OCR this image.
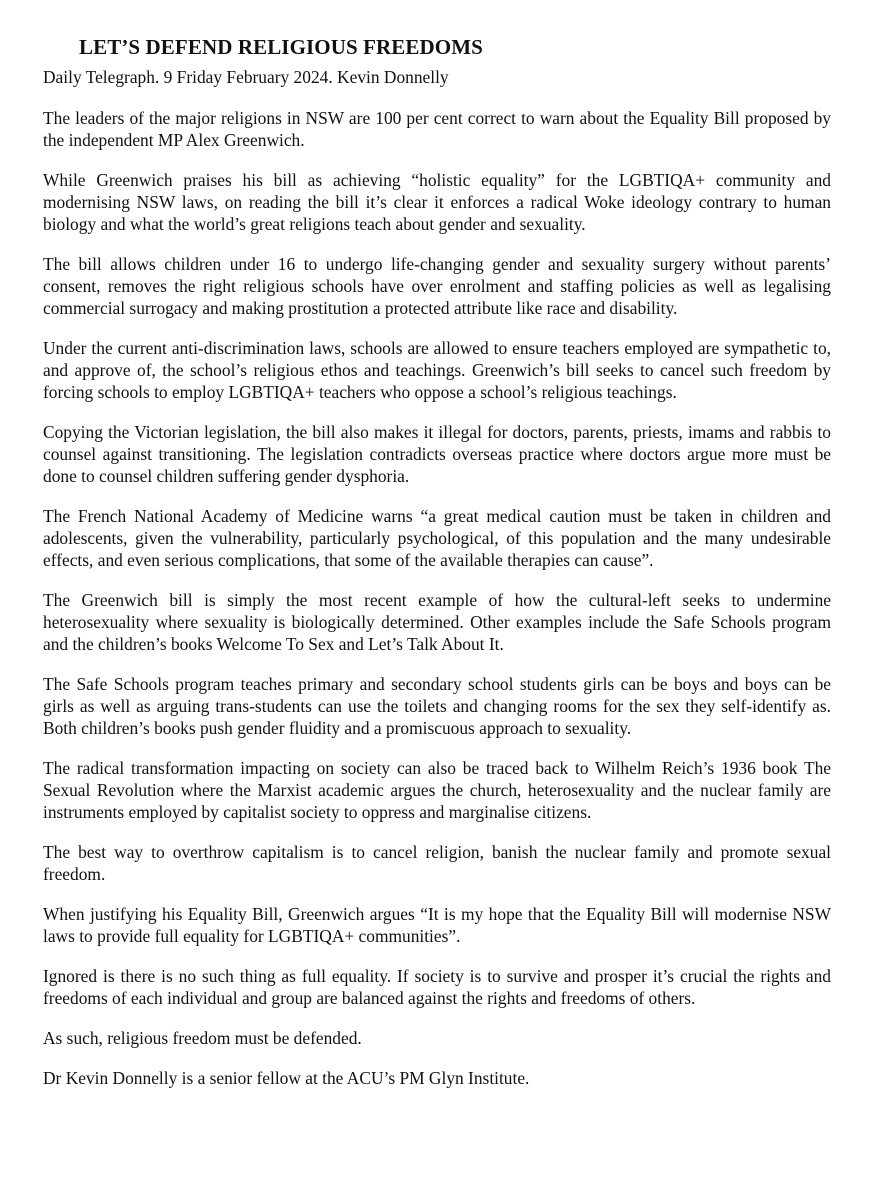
LET’S DEFEND RELIGIOUS FREEDOMS

Daily Telegraph. 9 Friday February 2024. Kevin Donnelly

The leaders of the major religions in NSW are 100 per cent correct to warn about the Equality Bill proposed by the independent MP Alex Greenwich.

While Greenwich praises his bill as achieving “holistic equality” for the LGBTIQA+ community and modernising NSW laws, on reading the bill it’s clear it enforces a radical Woke ideology contrary to human biology and what the world’s great religions teach about gender and sexuality.

The bill allows children under 16 to undergo life-changing gender and sexuality surgery without parents’ consent, removes the right religious schools have over enrolment and staffing policies as well as legalising commercial surrogacy and making prostitution a protected attribute like race and disability.

Under the current anti-discrimination laws, schools are allowed to ensure teachers employed are sympathetic to, and approve of, the school’s religious ethos and teachings. Greenwich’s bill seeks to cancel such freedom by forcing schools to employ LGBTIQA+ teachers who oppose a school’s religious teachings.

Copying the Victorian legislation, the bill also makes it illegal for doctors, parents, priests, imams and rabbis to counsel against transitioning. The legislation contradicts overseas practice where doctors argue more must be done to counsel children suffering gender dysphoria.

The French National Academy of Medicine warns “a great medical caution must be taken in children and adolescents, given the vulnerability, particularly psychological, of this population and the many undesirable effects, and even serious complications, that some of the available therapies can cause”.

The Greenwich bill is simply the most recent example of how the cultural-left seeks to undermine heterosexuality where sexuality is biologically determined. Other examples include the Safe Schools program and the children’s books Welcome To Sex and Let’s Talk About It.

The Safe Schools program teaches primary and secondary school students girls can be boys and boys can be girls as well as arguing trans-students can use the toilets and changing rooms for the sex they self-identify as. Both children’s books push gender fluidity and a promiscuous approach to sexuality.

The radical transformation impacting on society can also be traced back to Wilhelm Reich’s 1936 book The Sexual Revolution where the Marxist academic argues the church, heterosexuality and the nuclear family are instruments employed by capitalist society to oppress and marginalise citizens.

The best way to overthrow capitalism is to cancel religion, banish the nuclear family and promote sexual freedom.

When justifying his Equality Bill, Greenwich argues “It is my hope that the Equality Bill will modernise NSW laws to provide full equality for LGBTIQA+ communities”.

Ignored is there is no such thing as full equality. If society is to survive and prosper it’s crucial the rights and freedoms of each individual and group are balanced against the rights and freedoms of others.

As such, religious freedom must be defended.

Dr Kevin Donnelly is a senior fellow at the ACU’s PM Glyn Institute.
